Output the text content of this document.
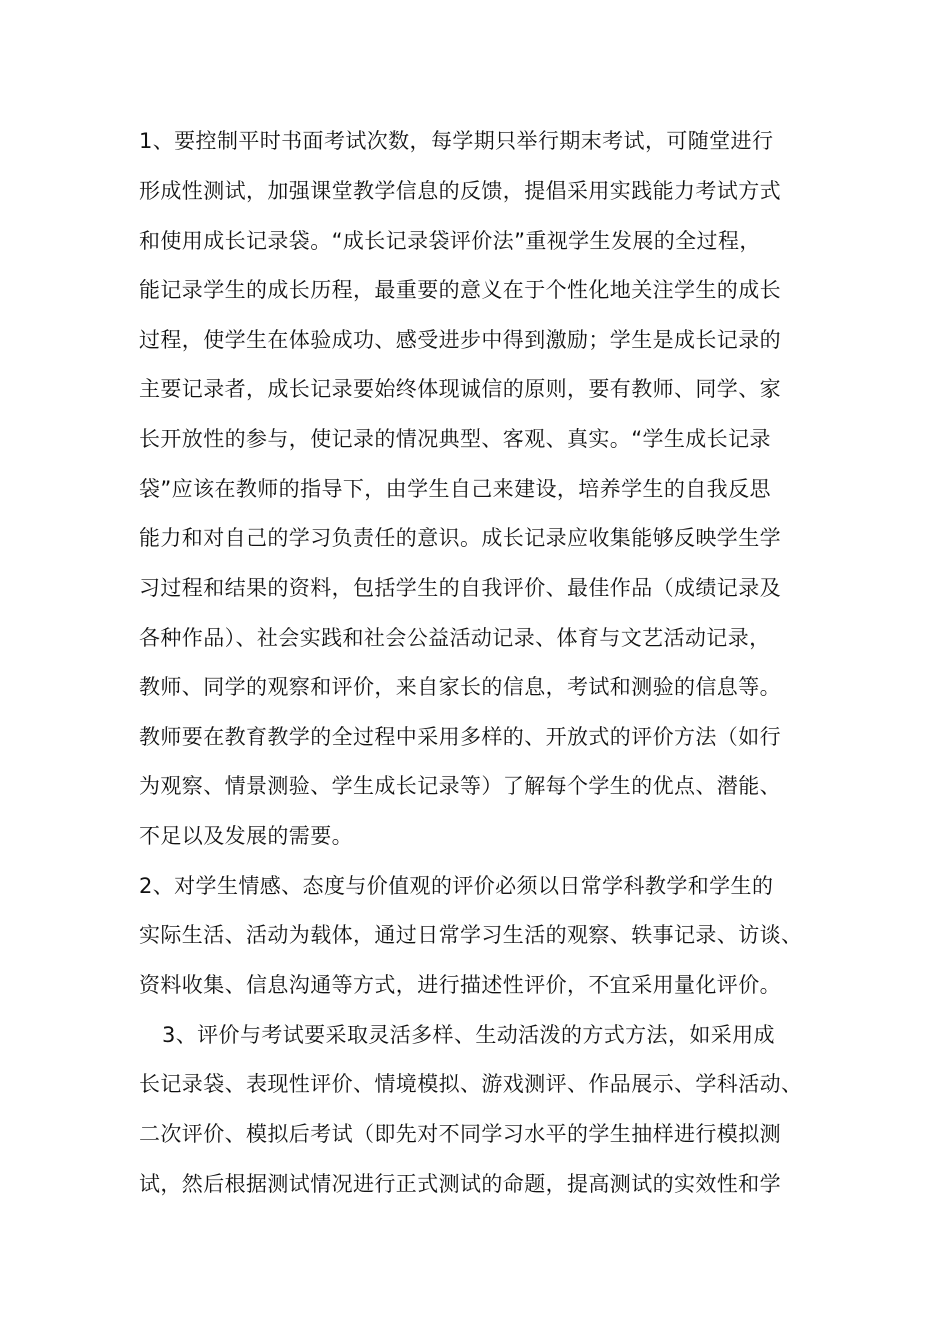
1、要控制平时书面考试次数，每学期只举行期末考试，可随堂进行
形成性测试，加强课堂教学信息的反馈，提倡采用实践能力考试方式
和使用成长记录袋。“成长记录袋评价法”重视学生发展的全过程，
能记录学生的成长历程，最重要的意义在于个性化地关注学生的成长
过程，使学生在体验成功、感受进步中得到激励；学生是成长记录的
主要记录者，成长记录要始终体现诚信的原则，要有教师、同学、家
长开放性的参与，使记录的情况典型、客观、真实。“学生成长记录
袋”应该在教师的指导下，由学生自己来建设，培养学生的自我反思
能力和对自己的学习负责任的意识。成长记录应收集能够反映学生学
习过程和结果的资料，包括学生的自我评价、最佳作品（成绩记录及
各种作品）、社会实践和社会公益活动记录、体育与文艺活动记录，
教师、同学的观察和评价，来自家长的信息，考试和测验的信息等。
教师要在教育教学的全过程中采用多样的、开放式的评价方法（如行
为观察、情景测验、学生成长记录等）了解每个学生的优点、潜能、
不足以及发展的需要。
2、对学生情感、态度与价值观的评价必须以日常学科教学和学生的
实际生活、活动为载体，通过日常学习生活的观察、轶事记录、访谈、
资料收集、信息沟通等方式，进行描述性评价，不宜采用量化评价。
3、评价与考试要采取灵活多样、生动活泼的方式方法，如采用成
长记录袋、表现性评价、情境模拟、游戏测评、作品展示、学科活动、
二次评价、模拟后考试（即先对不同学习水平的学生抽样进行模拟测
试，然后根据测试情况进行正式测试的命题，提高测试的实效性和学
